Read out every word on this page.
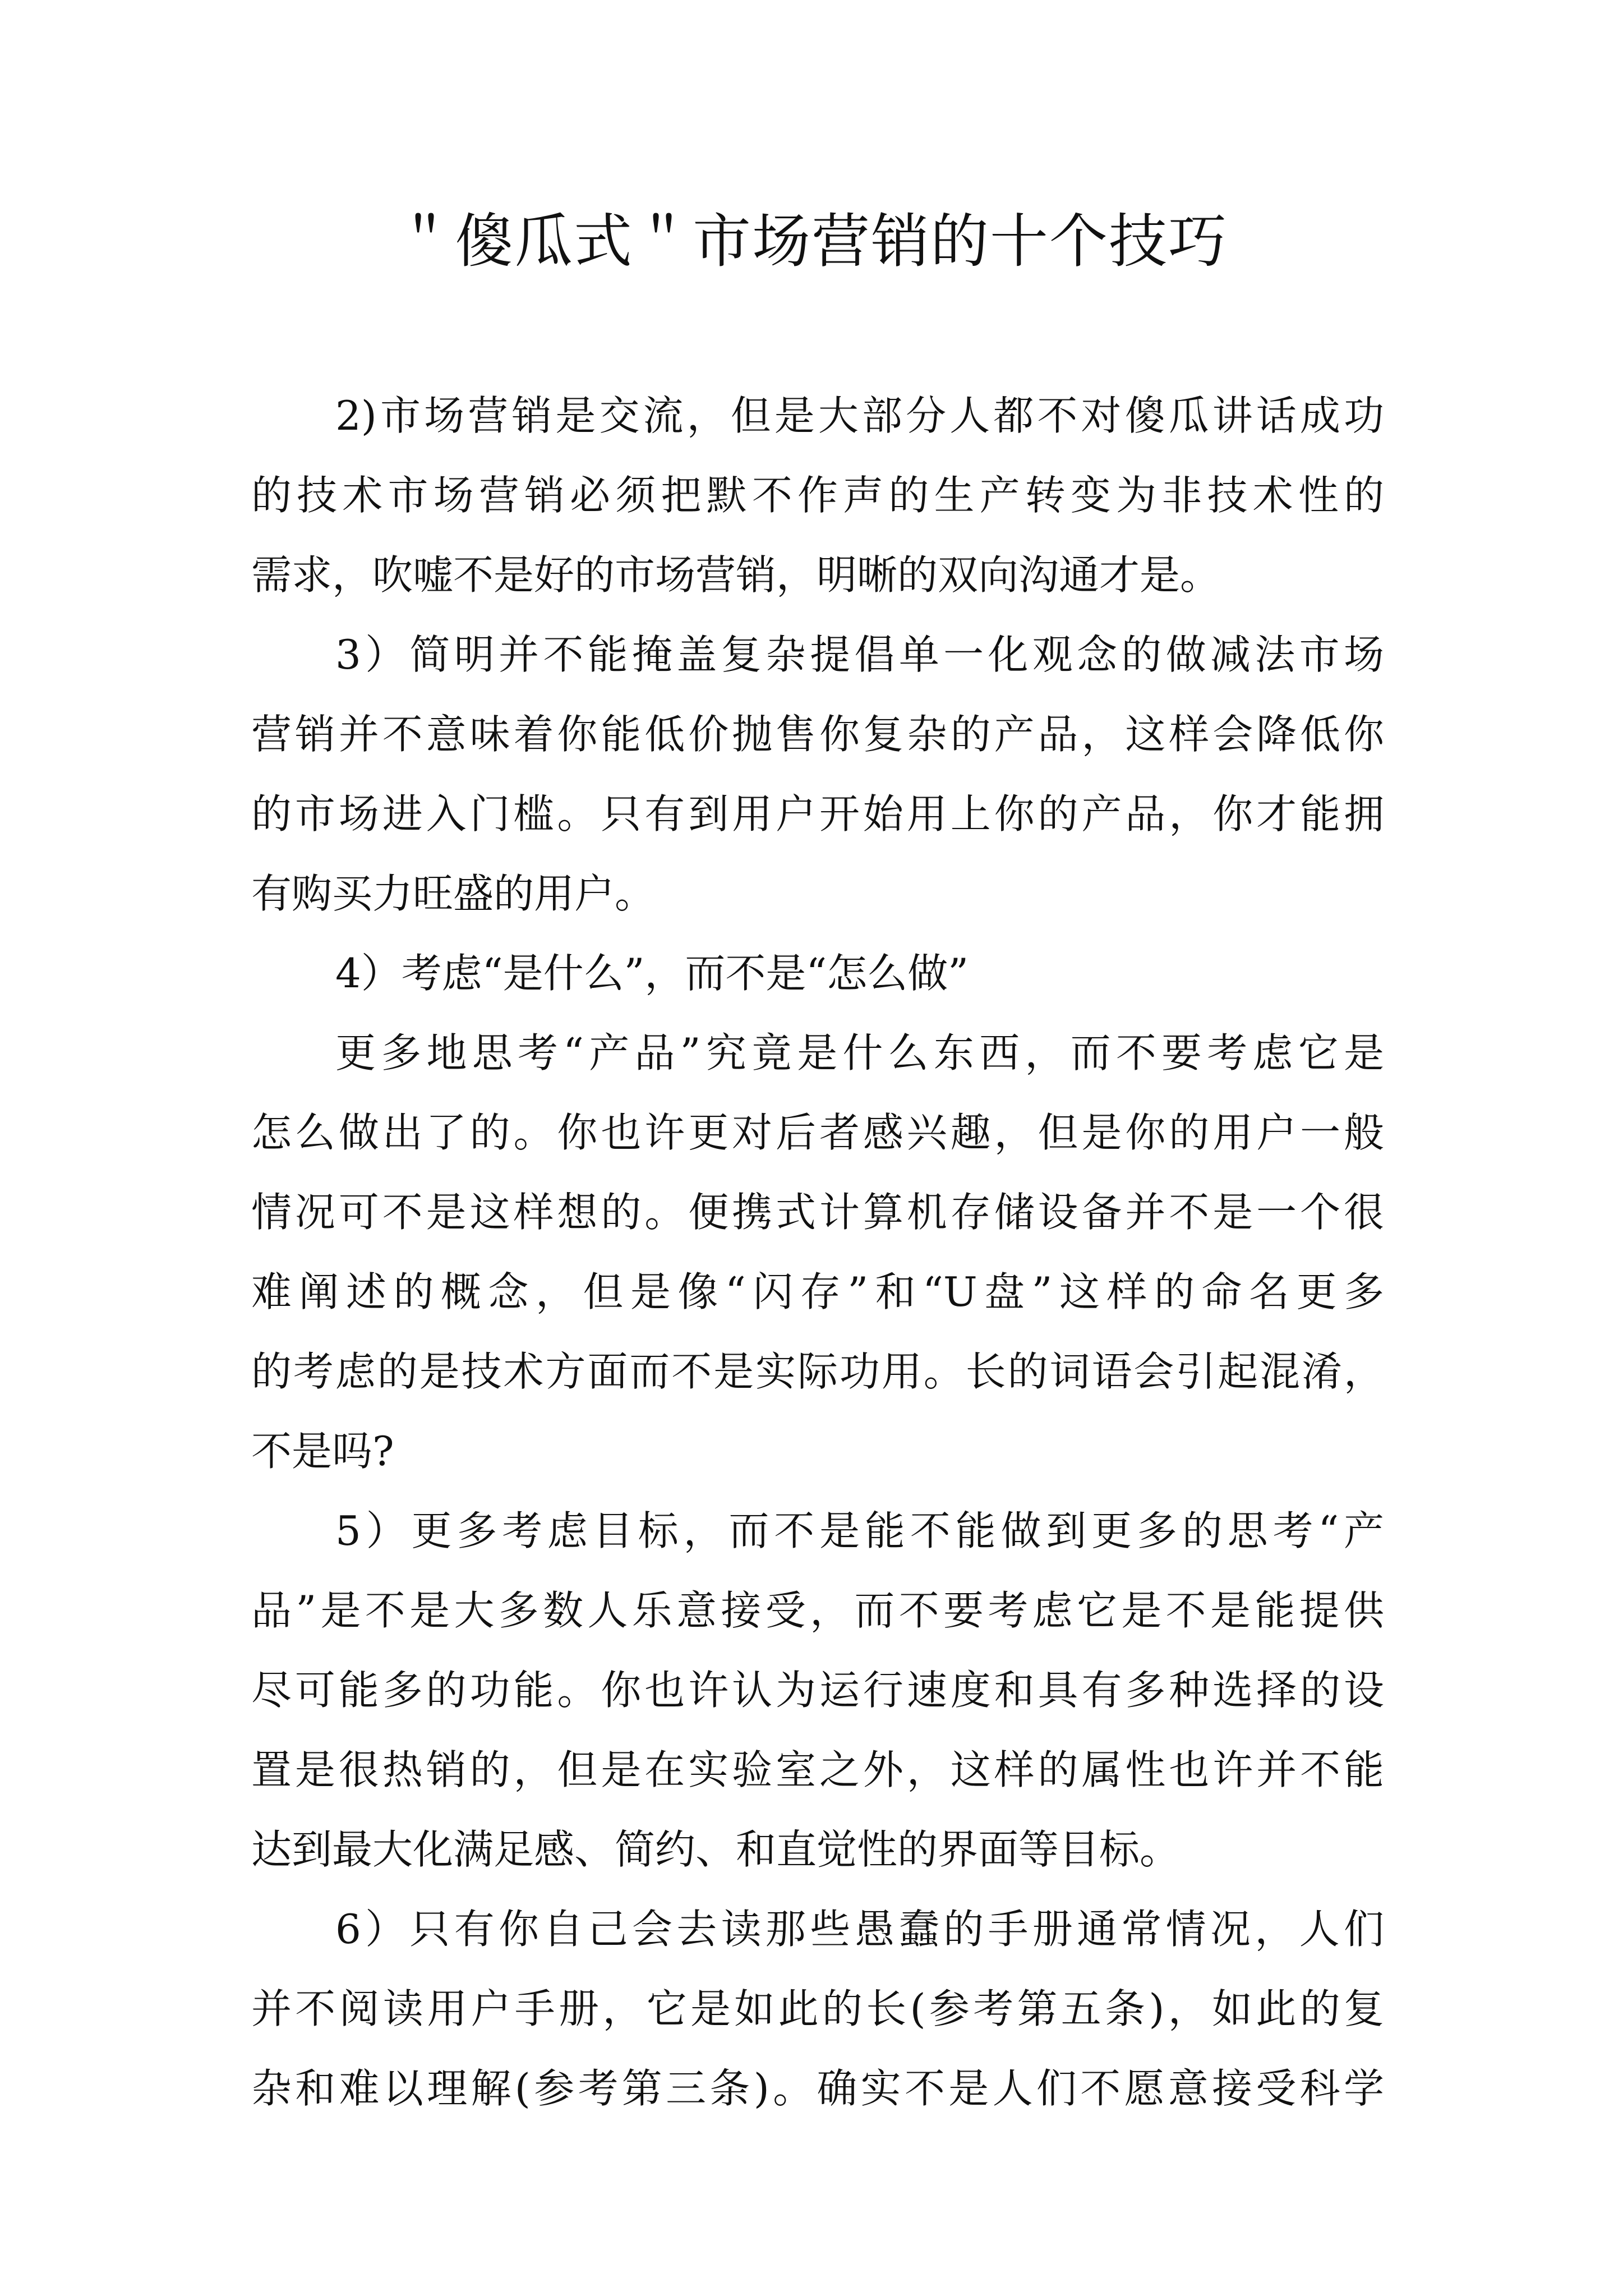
＂傻瓜式＂市场营销的十个技巧
2)市场营销是交流，但是大部分人都不对傻瓜讲话成功
的技术市场营销必须把默不作声的生产转变为非技术性的
需求，吹嘘不是好的市场营销，明晰的双向沟通才是。
3）简明并不能掩盖复杂提倡单一化观念的做减法市场
营销并不意味着你能低价抛售你复杂的产品，这样会降低你
的市场进入门槛。只有到用户开始用上你的产品，你才能拥
有购买力旺盛的用户。
4）考虑“是什么”，而不是“怎么做”
更多地思考“产品”究竟是什么东西，而不要考虑它是
怎么做出了的。你也许更对后者感兴趣，但是你的用户一般
情况可不是这样想的。便携式计算机存储设备并不是一个很
难阐述的概念，但是像“闪存”和“U盘”这样的命名更多
的考虑的是技术方面而不是实际功用。长的词语会引起混淆，
不是吗?
5）更多考虑目标，而不是能不能做到更多的思考“产
品”是不是大多数人乐意接受，而不要考虑它是不是能提供
尽可能多的功能。你也许认为运行速度和具有多种选择的设
置是很热销的，但是在实验室之外，这样的属性也许并不能
达到最大化满足感、简约、和直觉性的界面等目标。
6）只有你自己会去读那些愚蠢的手册通常情况，人们
并不阅读用户手册，它是如此的长(参考第五条)，如此的复
杂和难以理解(参考第三条)。确实不是人们不愿意接受科学
